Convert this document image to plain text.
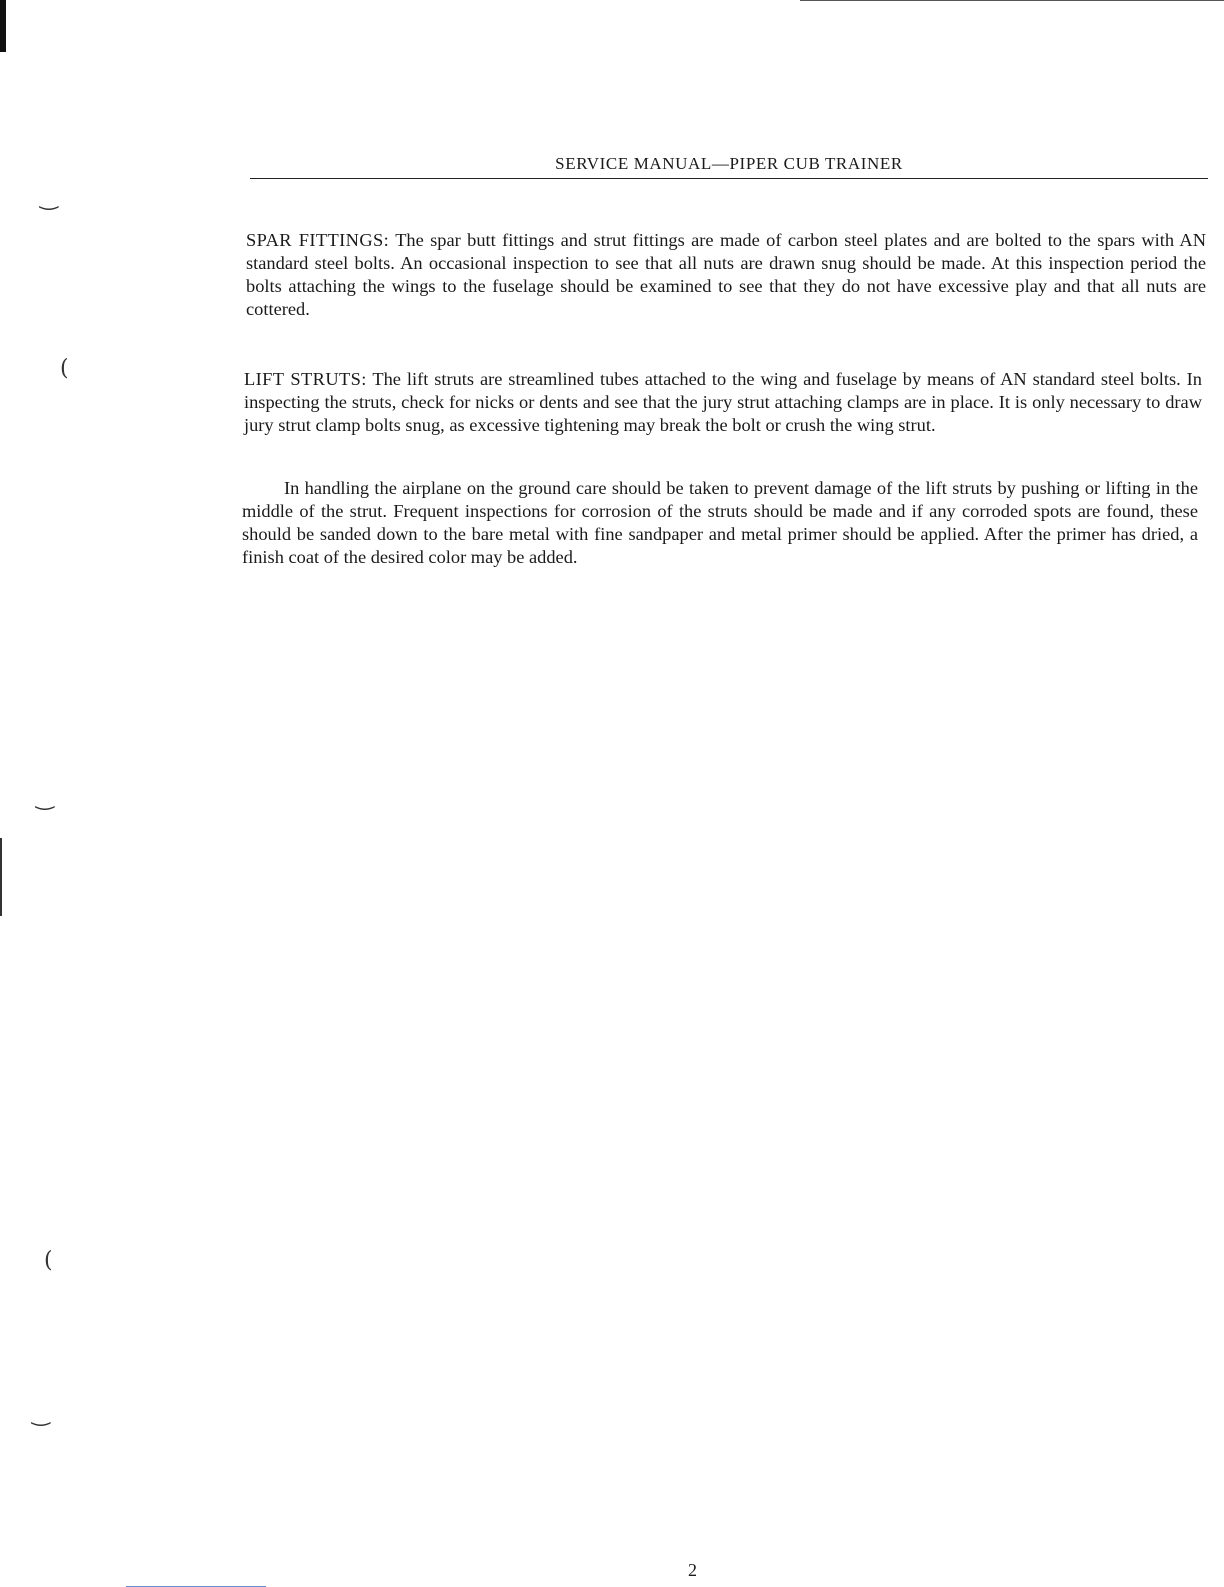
‿
(
‿
(
‿
SERVICE MANUAL—PIPER CUB TRAINER

SPAR FITTINGS: The spar butt fittings and strut fittings are made of carbon steel plates and are bolted to the spars with AN standard steel bolts. An occasional inspection to see that all nuts are drawn snug should be made. At this inspection period the bolts attaching the wings to the fuselage should be examined to see that they do not have excessive play and that all nuts are cottered.

LIFT STRUTS: The lift struts are streamlined tubes attached to the wing and fuselage by means of AN standard steel bolts. In inspecting the struts, check for nicks or dents and see that the jury strut attaching clamps are in place. It is only necessary to draw jury strut clamp bolts snug, as excessive tightening may break the bolt or crush the wing strut.

In handling the airplane on the ground care should be taken to prevent damage of the lift struts by pushing or lifting in the middle of the strut. Frequent inspections for corrosion of the struts should be made and if any corroded spots are found, these should be sanded down to the bare metal with fine sandpaper and metal primer should be applied. After the primer has dried, a finish coat of the desired color may be added.

2
